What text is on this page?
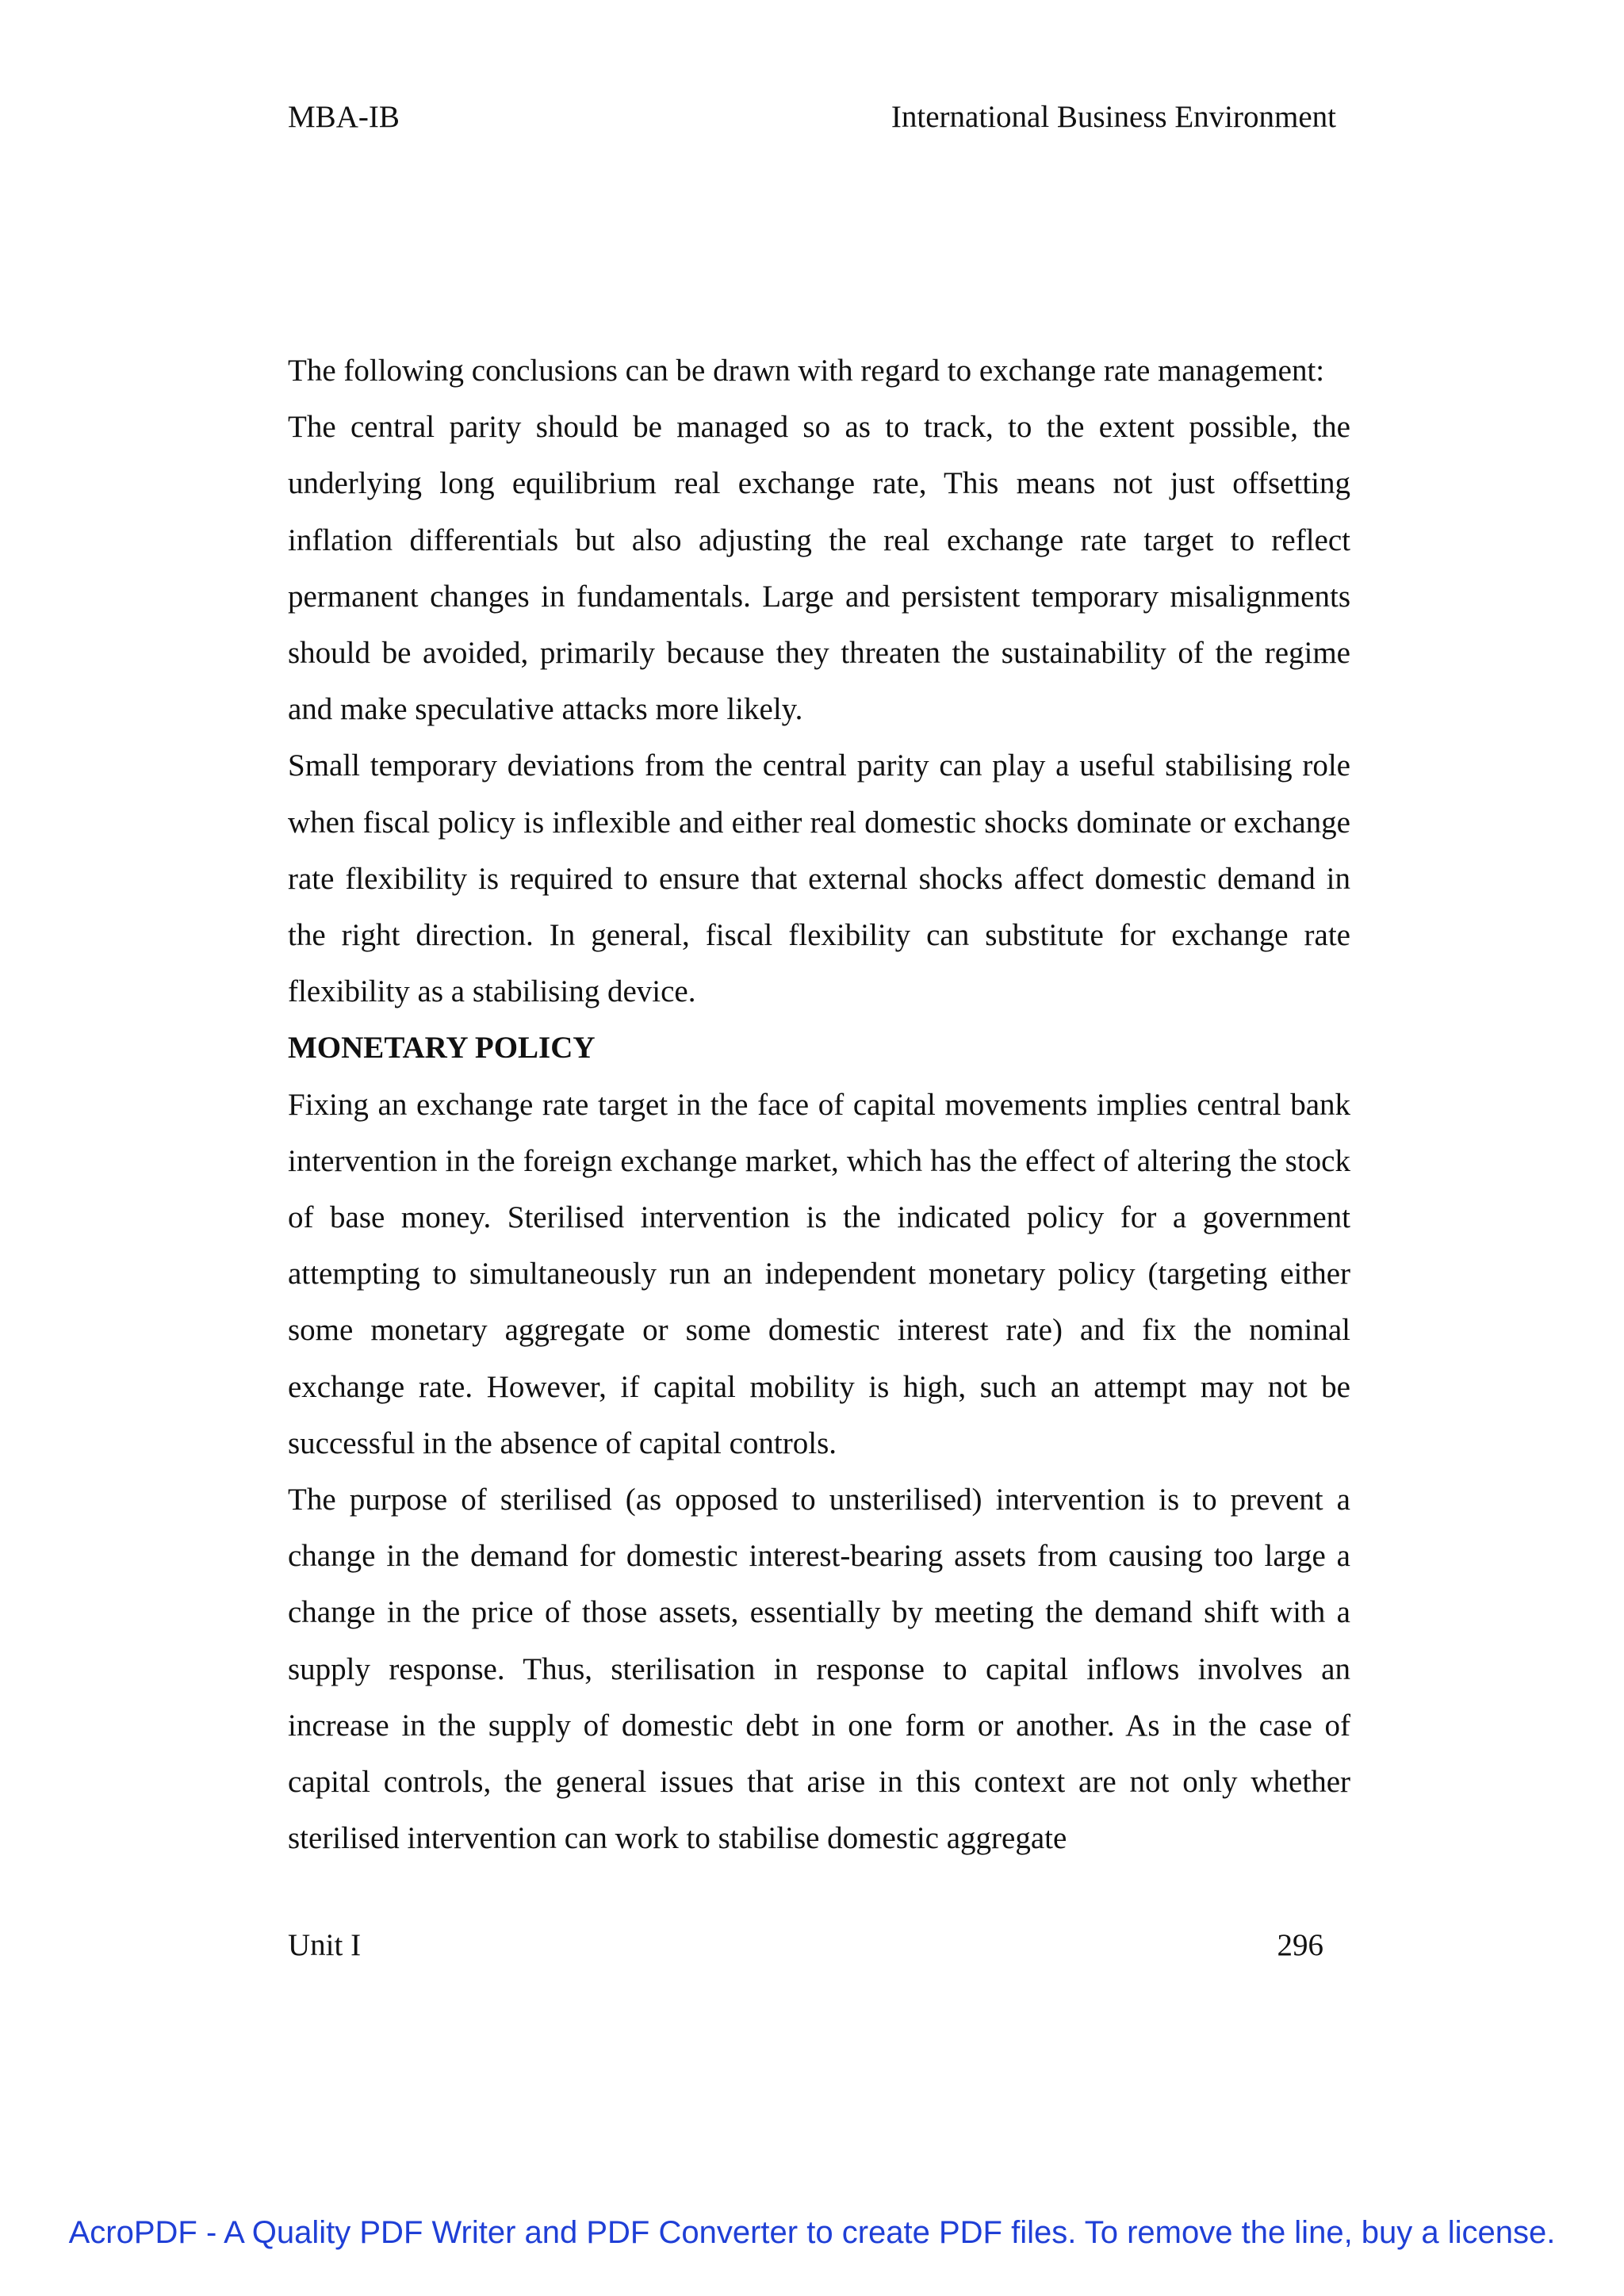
MBA-IB	International Business Environment

The following conclusions can be drawn with regard to exchange rate management:

The central parity should be managed so as to track, to the extent possible, the underlying long equilibrium real exchange rate, This means not just offsetting inflation differentials but also adjusting the real exchange rate target to reflect permanent changes in fundamentals. Large and persistent temporary misalignments should be avoided, primarily because they threaten the sustainability of the regime and make speculative attacks more likely.

Small temporary deviations from the central parity can play a useful stabilising role when fiscal policy is inflexible and either real domestic shocks dominate or exchange rate flexibility is required to ensure that external shocks affect domestic demand in the right direction. In general, fiscal flexibility can substitute for exchange rate flexibility as a stabilising device.

MONETARY POLICY

Fixing an exchange rate target in the face of capital movements implies central bank intervention in the foreign exchange market, which has the effect of altering the stock of base money. Sterilised intervention is the indicated policy for a government attempting to simultaneously run an independent monetary policy (targeting either some monetary aggregate or some domestic interest rate) and fix the nominal exchange rate. However, if capital mobility is high, such an attempt may not be successful in the absence of capital controls.

The purpose of sterilised (as opposed to unsterilised) intervention is to prevent a change in the demand for domestic interest-bearing assets from causing too large a change in the price of those assets, essentially by meeting the demand shift with a supply response. Thus, sterilisation in response to capital inflows involves an increase in the supply of domestic debt in one form or another. As in the case of capital controls, the general issues that arise in this context are not only whether sterilised intervention can work to stabilise domestic aggregate

Unit I	296
AcroPDF - A Quality PDF Writer and PDF Converter to create PDF files. To remove the line, buy a license.
